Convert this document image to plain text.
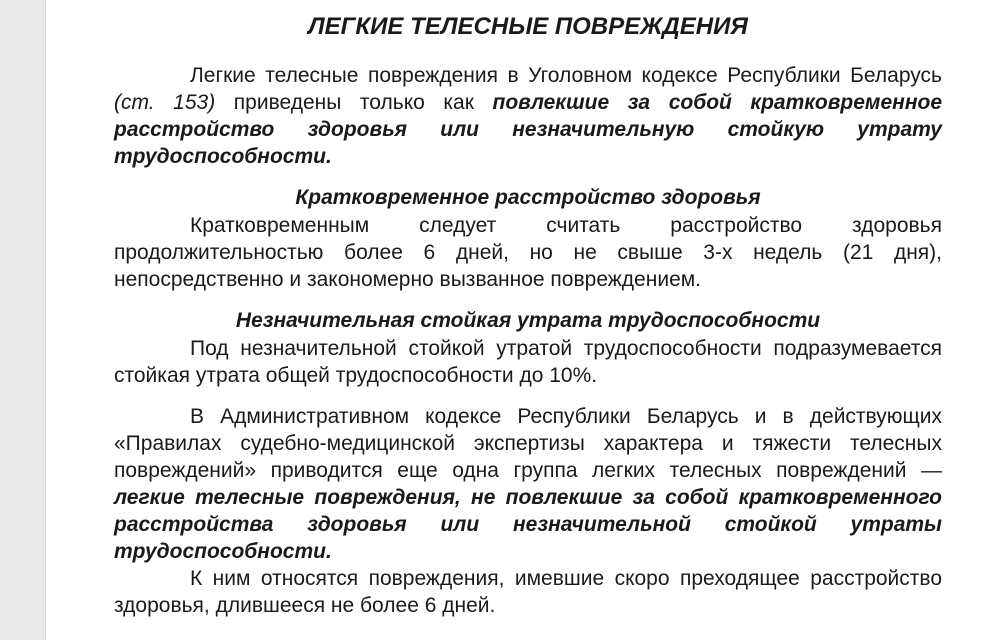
ЛЕГКИЕ ТЕЛЕСНЫЕ ПОВРЕЖДЕНИЯ

Легкие телесные повреждения в Уголовном кодексе Республики Беларусь (ст. 153) приведены только как повлекшие за собой кратковременное расстройство здоровья или незначительную стойкую утрату трудоспособности.

Кратковременное расстройство здоровья

Кратковременным следует считать расстройство здоровья продолжительностью более 6 дней, но не свыше 3-х недель (21 дня), непосредственно и закономерно вызванное повреждением.

Незначительная стойкая утрата трудоспособности

Под незначительной стойкой утратой трудоспособности подразумевается стойкая утрата общей трудоспособности до 10%.

В Административном кодексе Республики Беларусь и в действующих «Правилах судебно-медицинской экспертизы характера и тяжести телесных повреждений» приводится еще одна группа легких телесных повреждений — легкие телесные повреждения, не повлекшие за собой кратковременного расстройства здоровья или незначительной стойкой утраты трудоспособности.

К ним относятся повреждения, имевшие скоро преходящее расстройство здоровья, длившееся не более 6 дней.
